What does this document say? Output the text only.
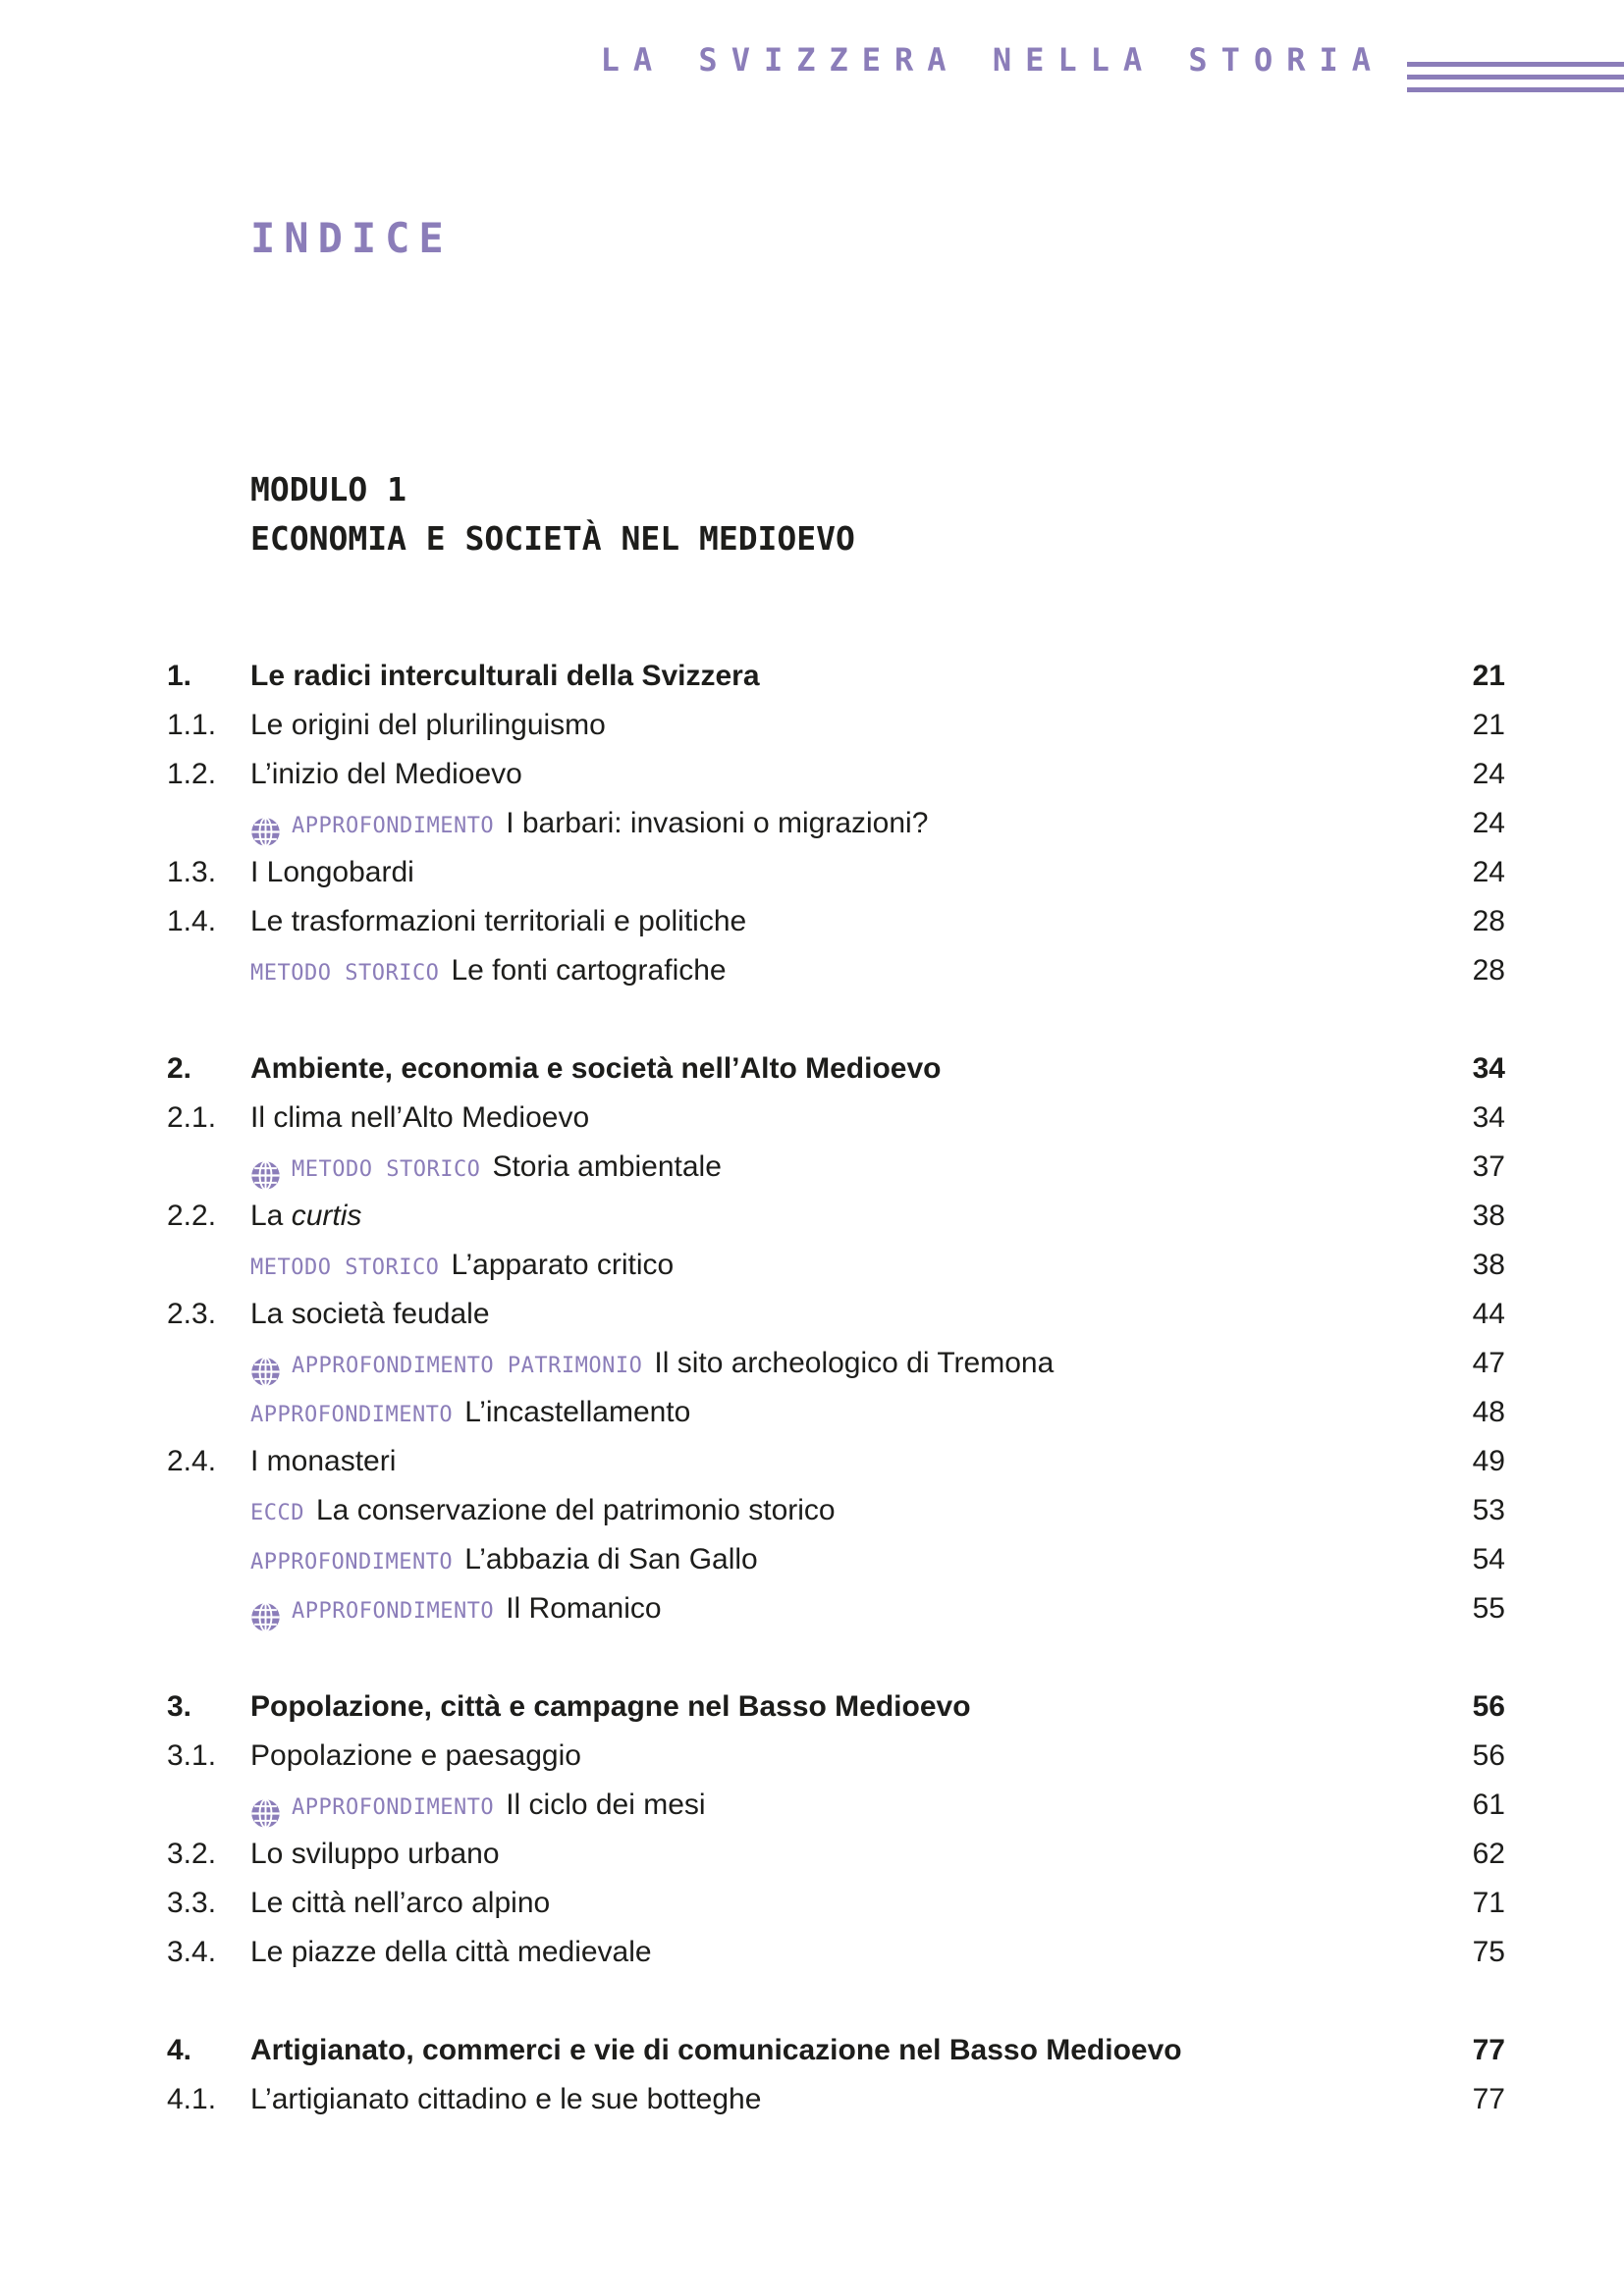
LA SVIZZERA NELLA STORIA
INDICE
MODULO 1
ECONOMIA E SOCIETÀ NEL MEDIOEVO
1.	Le radici interculturali della Svizzera	21
1.1.	Le origini del plurilinguismo	21
1.2.	L’inizio del Medioevo	24
APPROFONDIMENTO I barbari: invasioni o migrazioni?	24
1.3.	I Longobardi	24
1.4.	Le trasformazioni territoriali e politiche	28
METODO STORICO Le fonti cartografiche	28
2.	Ambiente, economia e società nell’Alto Medioevo	34
2.1.	Il clima nell’Alto Medioevo	34
METODO STORICO Storia ambientale	37
2.2.	La curtis	38
METODO STORICO L’apparato critico	38
2.3.	La società feudale	44
APPROFONDIMENTO PATRIMONIO Il sito archeologico di Tremona	47
APPROFONDIMENTO L’incastellamento	48
2.4.	I monasteri	49
ECCD La conservazione del patrimonio storico	53
APPROFONDIMENTO L’abbazia di San Gallo	54
APPROFONDIMENTO Il Romanico	55
3.	Popolazione, città e campagne nel Basso Medioevo	56
3.1.	Popolazione e paesaggio	56
APPROFONDIMENTO Il ciclo dei mesi	61
3.2.	Lo sviluppo urbano	62
3.3.	Le città nell’arco alpino	71
3.4.	Le piazze della città medievale	75
4.	Artigianato, commerci e vie di comunicazione nel Basso Medioevo	77
4.1.	L’artigianato cittadino e le sue botteghe	77
